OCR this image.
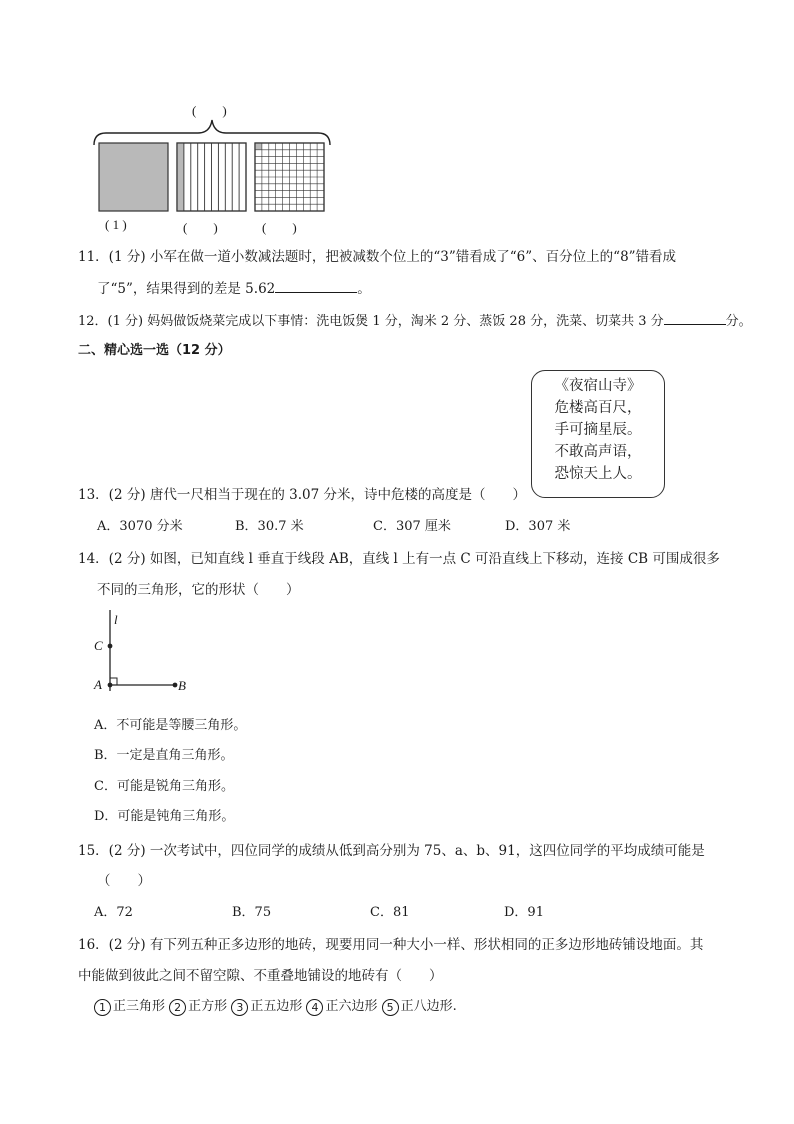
(　　)
( 1 )	(　　)	(　　)
11．(1 分) 小军在做一道小数减法题时，把被减数个位上的“3”错看成了“6”、百分位上的“8”错看成
了“5”，结果得到的差是 5.62	。
12．(1 分) 妈妈做饭烧菜完成以下事情：洗电饭煲 1 分，淘米 2 分、蒸饭 28 分，洗菜、切菜共 3 分	分。
二、精心选一选（12 分）
《夜宿山寺》
危楼高百尺，
手可摘星辰。
不敢高声语，
恐惊天上人。
13．(2 分) 唐代一尺相当于现在的 3.07 分米，诗中危楼的高度是（　　）
A．3070 分米	B．30.7 米	C．307 厘米	D．307 米
14．(2 分) 如图，已知直线 l 垂直于线段 AB，直线 l 上有一点 C 可沿直线上下移动，连接 CB 可围成很多
不同的三角形，它的形状（　　）
l
C
A	B
A．不可能是等腰三角形。
B．一定是直角三角形。
C．可能是锐角三角形。
D．可能是钝角三角形。
15．(2 分) 一次考试中，四位同学的成绩从低到高分别为 75、a、b、91，这四位同学的平均成绩可能是
（　　）
A．72	B．75	C．81	D．91
16．(2 分) 有下列五种正多边形的地砖，现要用同一种大小一样、形状相同的正多边形地砖铺设地面。其
中能做到彼此之间不留空隙、不重叠地铺设的地砖有（　　）
1 正三角形 2 正方形 3 正五边形 4 正六边形 5 正八边形.
